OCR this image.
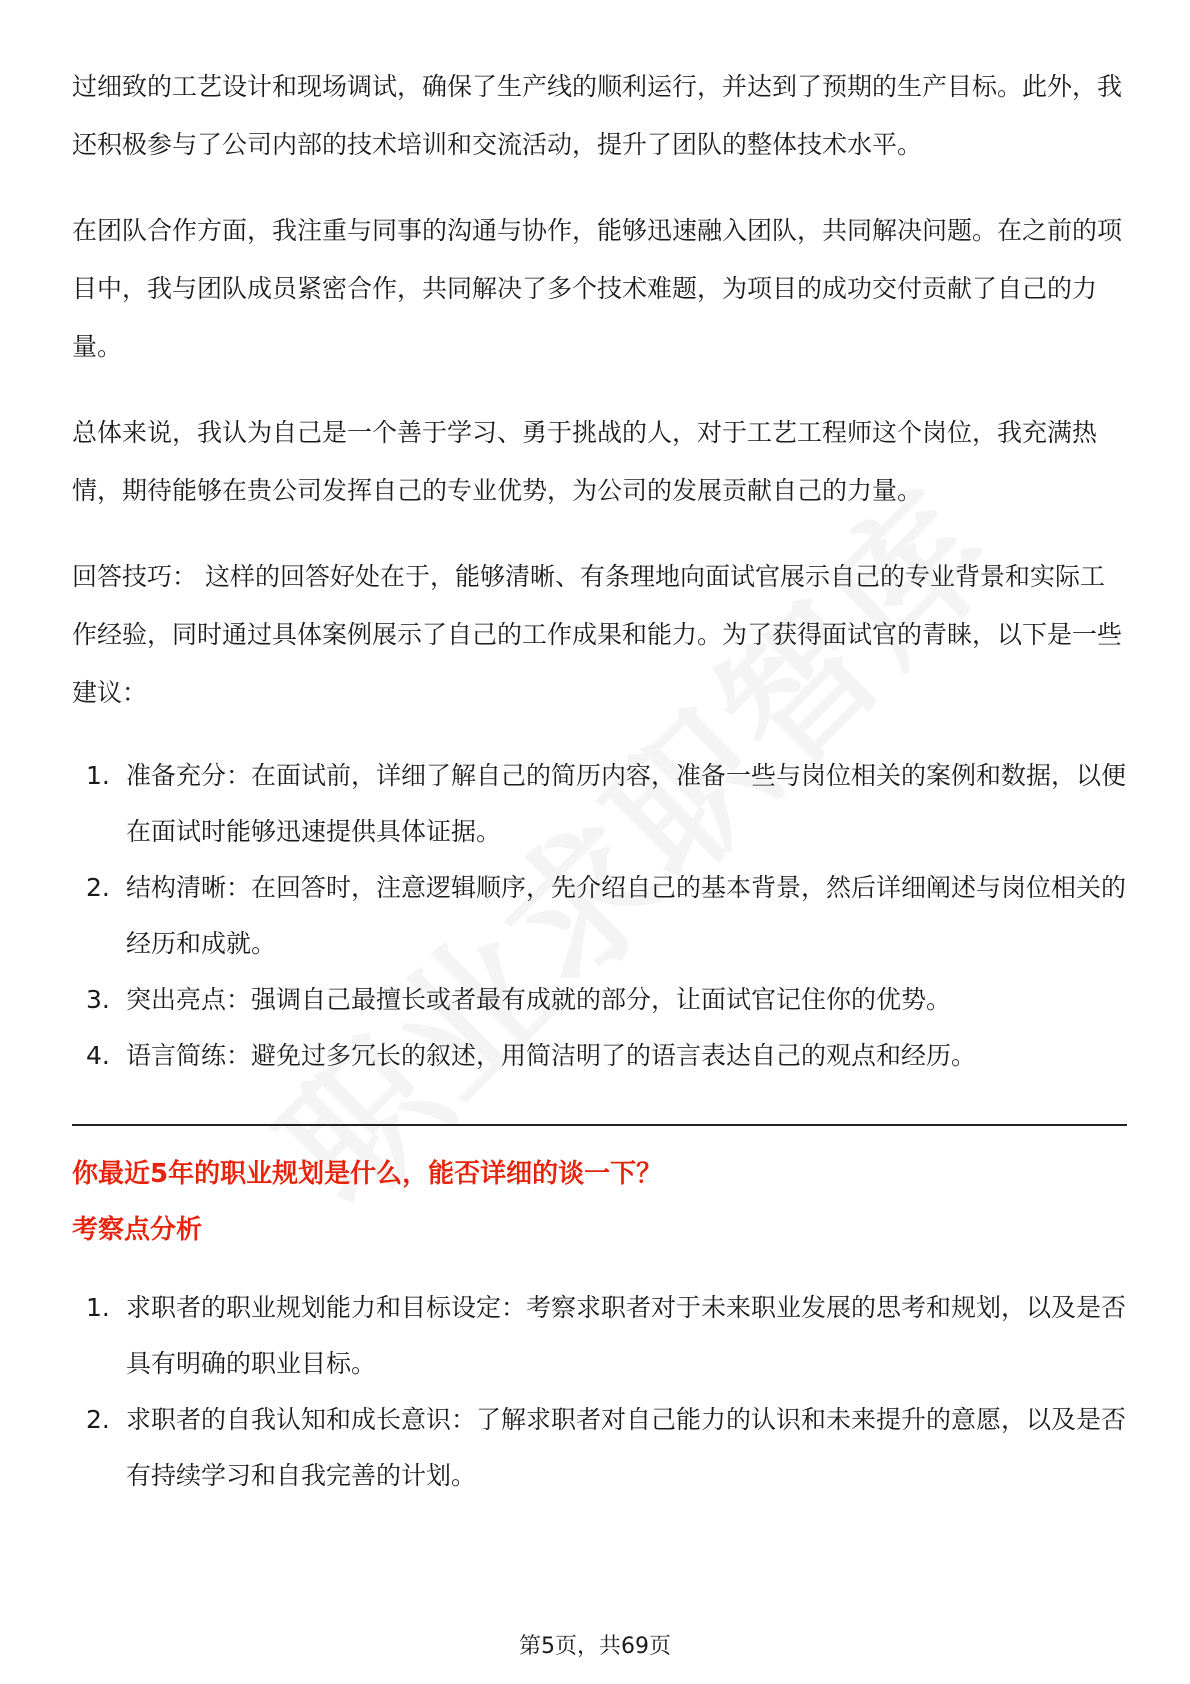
过细致的工艺设计和现场调试，确保了生产线的顺利运行，并达到了预期的生产目标。此外，我还积极参与了公司内部的技术培训和交流活动，提升了团队的整体技术水平。

在团队合作方面，我注重与同事的沟通与协作，能够迅速融入团队，共同解决问题。在之前的项目中，我与团队成员紧密合作，共同解决了多个技术难题，为项目的成功交付贡献了自己的力量。

总体来说，我认为自己是一个善于学习、勇于挑战的人，对于工艺工程师这个岗位，我充满热情，期待能够在贵公司发挥自己的专业优势，为公司的发展贡献自己的力量。

回答技巧： 这样的回答好处在于，能够清晰、有条理地向面试官展示自己的专业背景和实际工作经验，同时通过具体案例展示了自己的工作成果和能力。为了获得面试官的青睐，以下是一些建议：

1. 准备充分：在面试前，详细了解自己的简历内容，准备一些与岗位相关的案例和数据，以便在面试时能够迅速提供具体证据。
2. 结构清晰：在回答时，注意逻辑顺序，先介绍自己的基本背景，然后详细阐述与岗位相关的经历和成就。
3. 突出亮点：强调自己最擅长或者最有成就的部分，让面试官记住你的优势。
4. 语言简练：避免过多冗长的叙述，用简洁明了的语言表达自己的观点和经历。

你最近5年的职业规划是什么，能否详细的谈一下？

考察点分析

1. 求职者的职业规划能力和目标设定：考察求职者对于未来职业发展的思考和规划，以及是否具有明确的职业目标。
2. 求职者的自我认知和成长意识：了解求职者对自己能力的认识和未来提升的意愿，以及是否有持续学习和自我完善的计划。
第5页，共69页
